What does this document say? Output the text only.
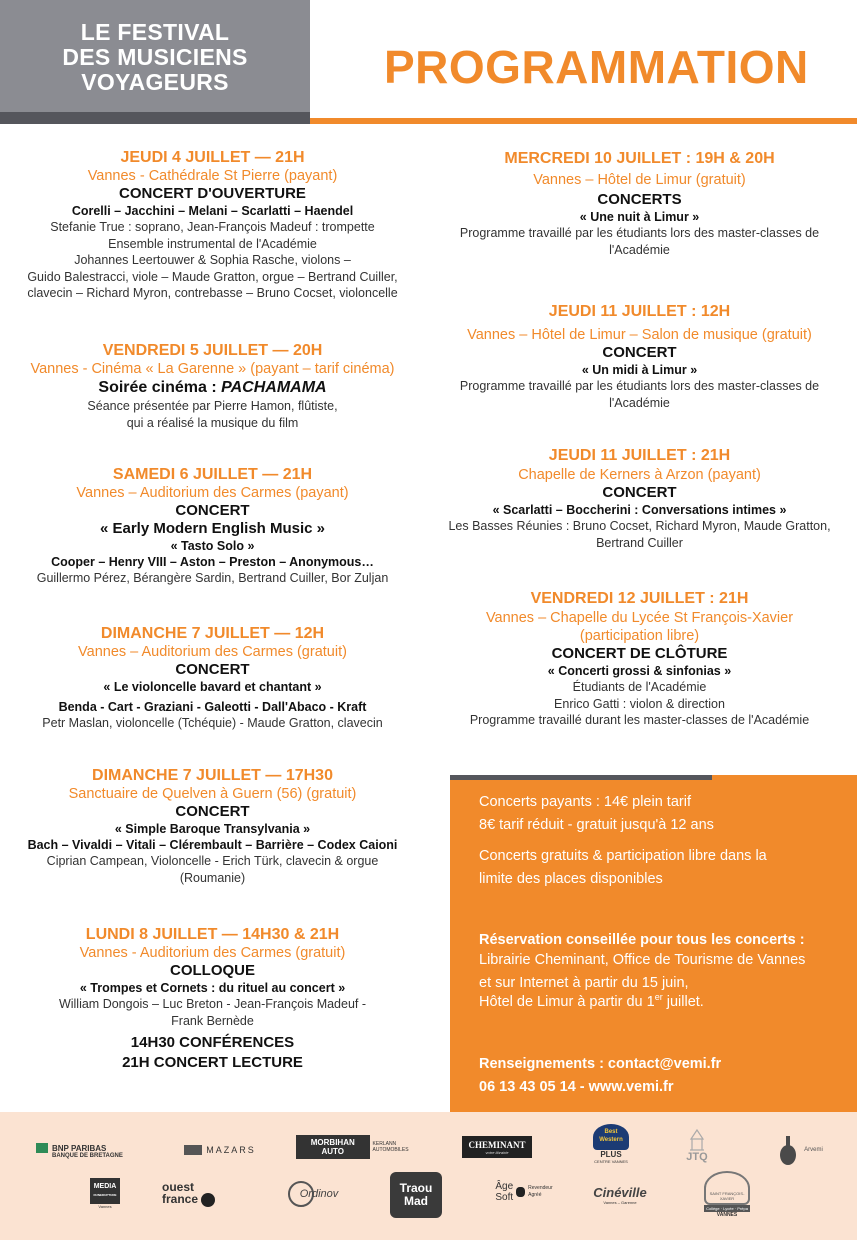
LE FESTIVAL
DES MUSICIENS
VOYAGEURS	PROGRAMMATION
JEUDI 4 JUILLET — 21H
Vannes - Cathédrale St Pierre (payant)
CONCERT D'OUVERTURE
Corelli – Jacchini – Melani – Scarlatti – Haendel
Stefanie True : soprano, Jean-François Madeuf : trompette
Ensemble instrumental de l'Académie
Johannes Leertouwer & Sophia Rasche, violons –
Guido Balestracci, viole – Maude Gratton, orgue – Bertrand Cuiller,
clavecin – Richard Myron, contrebasse – Bruno Cocset, violoncelle
VENDREDI 5 JUILLET — 20H
Vannes - Cinéma « La Garenne » (payant – tarif cinéma)
Soirée cinéma : PACHAMAMA
Séance présentée par Pierre Hamon, flûtiste,
qui a réalisé la musique du film
SAMEDI 6 JUILLET — 21H
Vannes – Auditorium des Carmes (payant)
CONCERT
« Early Modern English Music »
« Tasto Solo »
Cooper – Henry VIII – Aston – Preston – Anonymous…
Guillermo Pérez, Bérangère Sardin, Bertrand Cuiller, Bor Zuljan
DIMANCHE 7 JUILLET — 12H
Vannes – Auditorium des Carmes (gratuit)
CONCERT
« Le violoncelle bavard et chantant »
Benda - Cart - Graziani - Galeotti - Dall'Abaco - Kraft
Petr Maslan, violoncelle (Tchéquie) - Maude Gratton, clavecin
DIMANCHE 7 JUILLET — 17H30
Sanctuaire de Quelven à Guern (56) (gratuit)
CONCERT
« Simple Baroque Transylvania »
Bach – Vivaldi – Vitali – Clérembault – Barrière – Codex Caioni
Ciprian Campean, Violoncelle - Erich Türk, clavecin & orgue
(Roumanie)
LUNDI 8 JUILLET — 14H30 & 21H
Vannes - Auditorium des Carmes (gratuit)
COLLOQUE
« Trompes et Cornets : du rituel au concert »
William Dongois – Luc Breton - Jean-François Madeuf -
Frank Bernède
14H30 CONFÉRENCES
21H CONCERT LECTURE
MERCREDI 10 JUILLET : 19H & 20H
Vannes – Hôtel de Limur (gratuit)
CONCERTS
« Une nuit à Limur »
Programme travaillé par les étudiants lors des master-classes de
l'Académie
JEUDI 11 JUILLET : 12H
Vannes – Hôtel de Limur – Salon de musique (gratuit)
CONCERT
« Un midi à Limur »
Programme travaillé par les étudiants lors des master-classes de
l'Académie
JEUDI 11 JUILLET : 21H
Chapelle de Kerners à Arzon (payant)
CONCERT
« Scarlatti – Boccherini : Conversations intimes »
Les Basses Réunies : Bruno Cocset, Richard Myron, Maude Gratton,
Bertrand Cuiller
VENDREDI 12 JUILLET : 21H
Vannes – Chapelle du Lycée St François-Xavier
(participation libre)
CONCERT DE CLÔTURE
« Concerti grossi & sinfonias »
Étudiants de l'Académie
Enrico Gatti : violon & direction
Programme travaillé durant les master-classes de l'Académie

Concerts payants : 14€ plein tarif

8€ tarif réduit - gratuit jusqu'à 12 ans

Concerts gratuits & participation libre dans la

limite des places disponibles

Réservation conseillée pour tous les concerts :

Librairie Cheminant, Office de Tourisme de Vannes

et sur Internet à partir du 15 juin,

Hôtel de Limur à partir du 1er juillet.

Renseignements : contact@vemi.fr

06 13 43 05 14 - www.vemi.fr

BNP PARIBAS
BANQUE DE BRETAGNE
MAZARS
MORBIHAN AUTO
KERLANN AUTOMOBILES
CHEMINANT
votre librairie
Best
Western
PLUS
CENTRE VANNES	JTQ
Arvemi
MEDIA
DUNEDUPTURE
Vannes
ouest
france	Ordinov	Traou
Mad
Âge
Soft
Revendeur
Agréé	Cinéville
Vannes – Garenne
SAINT FRANÇOIS-XAVIER
Collège · Lycée · Prépa
VANNES
